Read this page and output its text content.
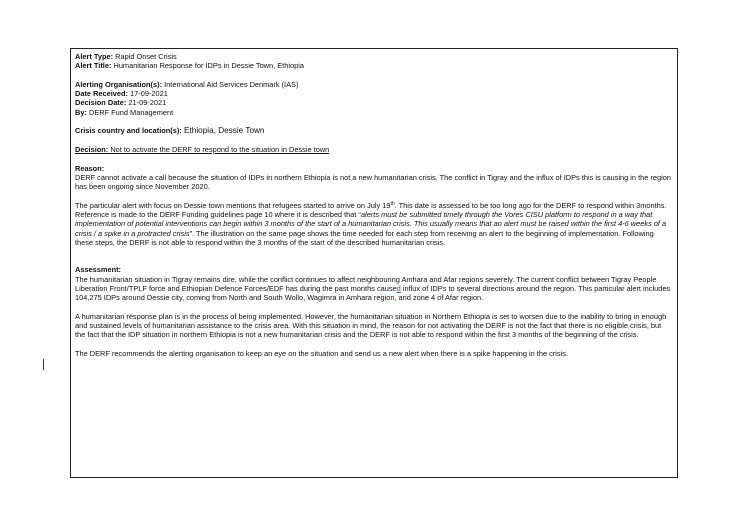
Alert Type: Rapid Onset Crisis

Alert Title: Humanitarian Response for IDPs in Dessie Town, Ethiopia

Alerting Organisation(s): International Aid Services Denmark (IAS)

Date Received: 17-09-2021

Decision Date: 21-09-2021

By: DERF Fund Management

Crisis country and location(s): Ethiopia, Dessie Town

Decision: Not to activate the DERF to respond to the situation in Dessie town

Reason:

DERF cannot activate a call because the situation of IDPs in northern Ethiopia is not a new humanitarian crisis. The conflict in Tigray and the influx of IDPs this is causing in the region has been ongoing since November 2020.

The particular alert with focus on Dessie town mentions that refugees started to arrive on July 19th. This date is assessed to be too long ago for the DERF to respond within 3months. Reference is made to the DERF Funding guidelines page 10 where it is described that “alerts must be submitted timely through the Vores CISU platform to respond in a way that implementation of potential interventions can begin within 3 months of the start of a humanitarian crisis. This usually means that an alert must be raised within the first 4-6 weeks of a crisis / a spike in a protracted crisis”. The illustration on the same page shows the time needed for each step from receiving an alert to the beginning of implementation. Following these steps, the DERF is not able to respond within the 3 months of the start of the described humanitarian crisis.

Assessment:

The humanitarian situation in Tigray remains dire, while the conflict continues to affect neighbouring Amhara and Afar regions severely. The current conflict between Tigray People Liberation Front/TPLF force and Ethiopian Defence Forces/EDF has during the past months caused influx of IDPs to several directions around the region. This particular alert includes 104,275 IDPs around Dessie city, coming from North and South Wollo, Wagimra in Amhara region, and zone 4 of Afar region.

A humanitarian response plan is in the process of being implemented. However, the humanitarian situation in Northern Ethiopia is set to worsen due to the inability to bring in enough and sustained levels of humanitarian assistance to the crisis area. With this situation in mind, the reason for not activating the DERF is not the fact that there is no eligible crisis, but the fact that the IDP situation in northern Ethiopia is not a new humanitarian crisis and the DERF is not able to respond within the first 3 months of the beginning of the crisis.

The DERF recommends the alerting organisation to keep an eye on the situation and send us a new alert when there is a spike happening in the crisis.
